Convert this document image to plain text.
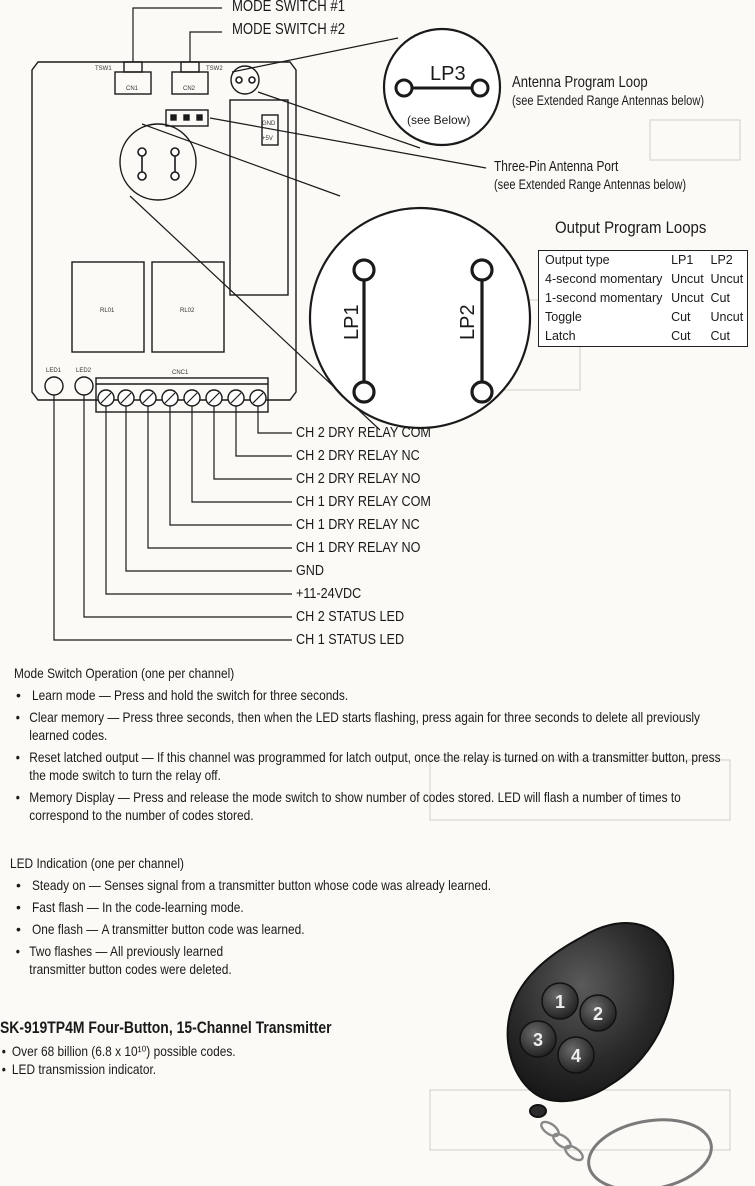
TSW1	TSW2
CN1	CN2
GND
+5V
RL01	RL02
CNC1
LED1 LED2
LP3
(see Below)
LP1	LP2
MODE SWITCH #1
MODE SWITCH #2
Antenna Program Loop
(see Extended Range Antennas below)
Three-Pin Antenna Port
(see Extended Range Antennas below)
Output Program Loops
Output type	LP1	LP2
4-second momentary	Uncut	Uncut
1-second momentary	Uncut	Cut
Toggle	Cut	Uncut
Latch	Cut	Cut
CH 2 DRY RELAY COM
CH 2 DRY RELAY NC
CH 2 DRY RELAY NO
CH 1 DRY RELAY COM
CH 1 DRY RELAY NC
CH 1 DRY RELAY NO
GND
+11-24VDC
CH 2 STATUS LED
CH 1 STATUS LED
Mode Switch Operation (one per channel)
• Learn mode — Press and hold the switch for three seconds.
• Clear memory — Press three seconds, then when the LED starts flashing, press again for three seconds to delete all previously learned codes.
• Reset latched output — If this channel was programmed for latch output, once the relay is turned on with a transmitter button, press the mode switch to turn the relay off.
• Memory Display — Press and release the mode switch to show number of codes stored. LED will flash a number of times to correspond to the number of codes stored.
LED Indication (one per channel)
• Steady on — Senses signal from a transmitter button whose code was already learned.
• Fast flash — In the code-learning mode.
• One flash — A transmitter button code was learned.
• Two flashes — All previously learned transmitter button codes were deleted.
SK-919TP4M Four-Button, 15-Channel Transmitter
• Over 68 billion (6.8 x 10¹⁰) possible codes.
• LED transmission indicator.
1
2
3
4
